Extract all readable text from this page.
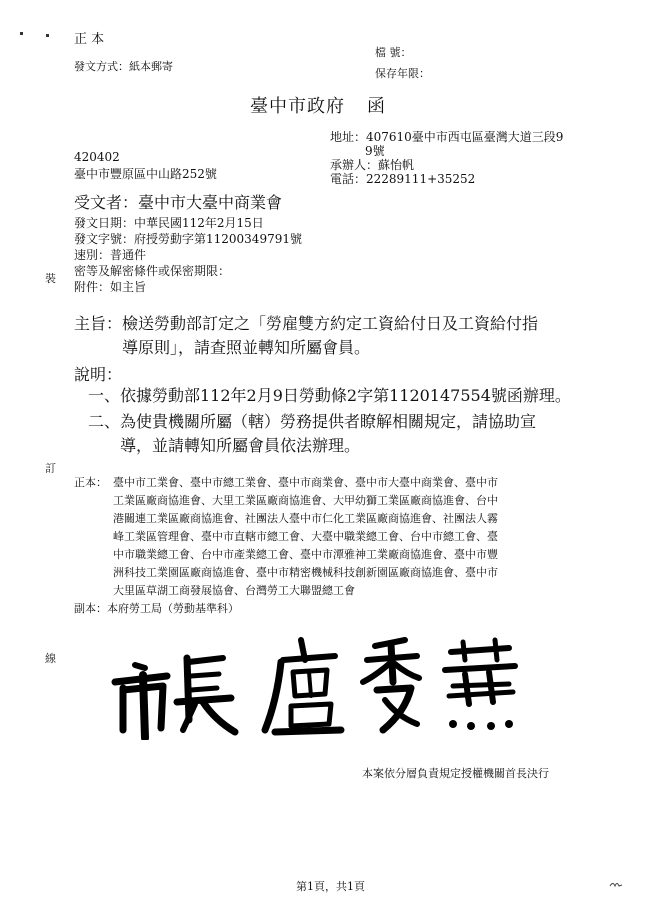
正 本
發文方式：紙本郵寄
檔 號：
保存年限：
臺中市政府 函
地址：407610臺中市西屯區臺灣大道三段9
9號
承辦人：蘇怡帆
電話：22289111+35252
420402
臺中市豐原區中山路252號
受文者：臺中市大臺中商業會
發文日期：中華民國112年2月15日
發文字號：府授勞動字第11200349791號
速別：普通件
密等及解密條件或保密期限：
附件：如主旨
主旨：檢送勞動部訂定之「勞雇雙方約定工資給付日及工資給付指
導原則」，請查照並轉知所屬會員。
說明：
一、依據勞動部112年2月9日勞動條2字第1120147554號函辦理。
二、為使貴機關所屬（轄）勞務提供者瞭解相關規定，請協助宣
導，並請轉知所屬會員依法辦理。
正本： 臺中市工業會、臺中市總工業會、臺中市商業會、臺中市大臺中商業會、臺中市
工業區廠商協進會、大里工業區廠商協進會、大甲幼獅工業區廠商協進會、台中
港關連工業區廠商協進會、社團法人臺中市仁化工業區廠商協進會、社團法人霧
峰工業區管理會、臺中市直轄市總工會、大臺中職業總工會、台中市總工會、臺
中市職業總工會、台中市產業總工會、臺中市潭雅神工業廠商協進會、臺中市豐
洲科技工業園區廠商協進會、臺中市精密機械科技創新園區廠商協進會、臺中市
大里區草湖工商發展協會、台灣勞工大聯盟總工會
副本：本府勞工局（勞動基準科）
本案依分層負責規定授權機關首長決行
第1頁，共1頁
裝
訂
線
